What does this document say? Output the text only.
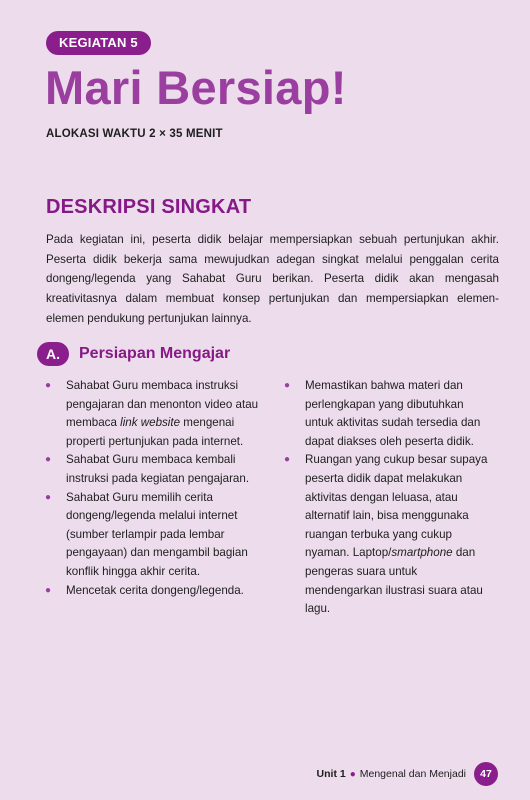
KEGIATAN 5
Mari Bersiap!
ALOKASI WAKTU 2 × 35 MENIT
DESKRIPSI SINGKAT

Pada kegiatan ini, peserta didik belajar mempersiapkan sebuah pertunjukan akhir. Peserta didik bekerja sama mewujudkan adegan singkat melalui penggalan cerita dongeng/legenda yang Sahabat Guru berikan. Peserta didik akan mengasah kreativitasnya dalam membuat konsep pertunjukan dan mempersiapkan elemen-elemen pendukung pertunjukan lainnya.

A.	Persiapan Mengajar
●	Sahabat Guru membaca instruksi pengajaran dan menonton video atau membaca link website mengenai properti pertunjukan pada internet.
●	Sahabat Guru membaca kembali instruksi pada kegiatan pengajaran.
●	Sahabat Guru memilih cerita dongeng/legenda melalui internet (sumber terlampir pada lembar pengayaan) dan mengambil bagian konflik hingga akhir cerita.
●	Mencetak cerita dongeng/legenda.
●	Memastikan bahwa materi dan perlengkapan yang dibutuhkan untuk aktivitas sudah tersedia dan dapat diakses oleh peserta didik.
●	Ruangan yang cukup besar supaya peserta didik dapat melakukan aktivitas dengan leluasa, atau alternatif lain, bisa menggunaka ruangan terbuka yang cukup nyaman. Laptop/smartphone dan pengeras suara untuk mendengarkan ilustrasi suara atau lagu.
Unit 1 ● Mengenal dan Menjadi	47
